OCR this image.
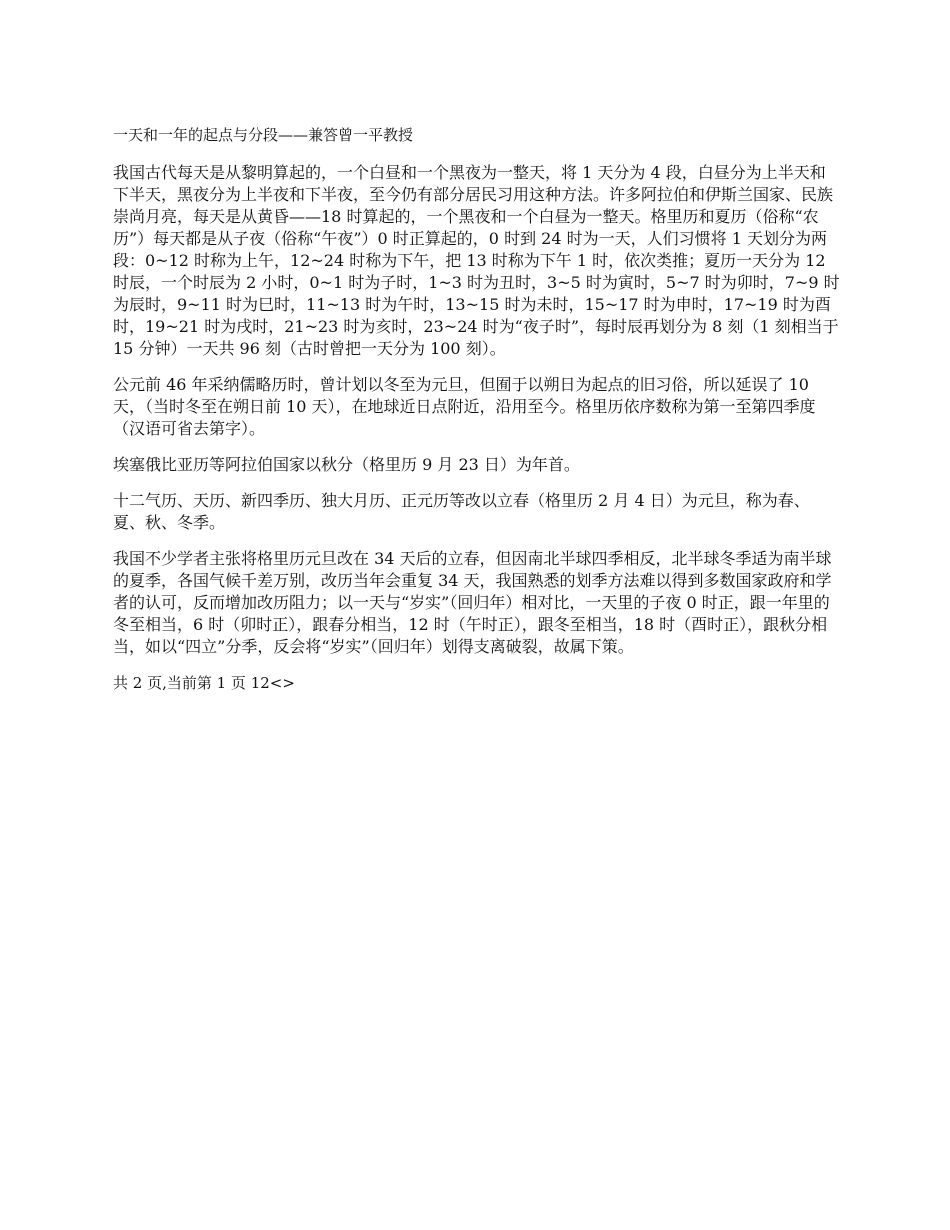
一天和一年的起点与分段——兼答曾一平教授

我国古代每天是从黎明算起的，一个白昼和一个黑夜为一整天，将 1 天分为 4 段，白昼分为上半天和下半天，黑夜分为上半夜和下半夜，至今仍有部分居民习用这种方法。许多阿拉伯和伊斯兰国家、民族崇尚月亮，每天是从黄昏——18 时算起的，一个黑夜和一个白昼为一整天。格里历和夏历（俗称“农历”）每天都是从子夜（俗称“午夜”）0 时正算起的，0 时到 24 时为一天，人们习惯将 1 天划分为两段：0~12 时称为上午，12~24 时称为下午，把 13 时称为下午 1 时，依次类推；夏历一天分为 12 时辰，一个时辰为 2 小时，0~1 时为子时，1~3 时为丑时，3~5 时为寅时，5~7 时为卯时，7~9 时为辰时，9~11 时为巳时，11~13 时为午时，13~15 时为未时，15~17 时为申时，17~19 时为酉时，19~21 时为戌时，21~23 时为亥时，23~24 时为“夜子时”，每时辰再划分为 8 刻（1 刻相当于 15 分钟）一天共 96 刻（古时曾把一天分为 100 刻）。

公元前 46 年采纳儒略历时，曾计划以冬至为元旦，但囿于以朔日为起点的旧习俗，所以延误了 10 天，（当时冬至在朔日前 10 天），在地球近日点附近，沿用至今。格里历依序数称为第一至第四季度（汉语可省去第字）。

埃塞俄比亚历等阿拉伯国家以秋分（格里历 9 月 23 日）为年首。

十二气历、天历、新四季历、独大月历、正元历等改以立春（格里历 2 月 4 日）为元旦，称为春、夏、秋、冬季。

我国不少学者主张将格里历元旦改在 34 天后的立春，但因南北半球四季相反，北半球冬季适为南半球的夏季，各国气候千差万别，改历当年会重复 34 天，我国熟悉的划季方法难以得到多数国家政府和学者的认可，反而增加改历阻力；以一天与“岁实”（回归年）相对比，一天里的子夜 0 时正，跟一年里的冬至相当，6 时（卯时正），跟春分相当，12 时（午时正），跟冬至相当，18 时（酉时正），跟秋分相当，如以“四立”分季，反会将“岁实”（回归年）划得支离破裂，故属下策。

共 2 页,当前第 1 页 12<>
